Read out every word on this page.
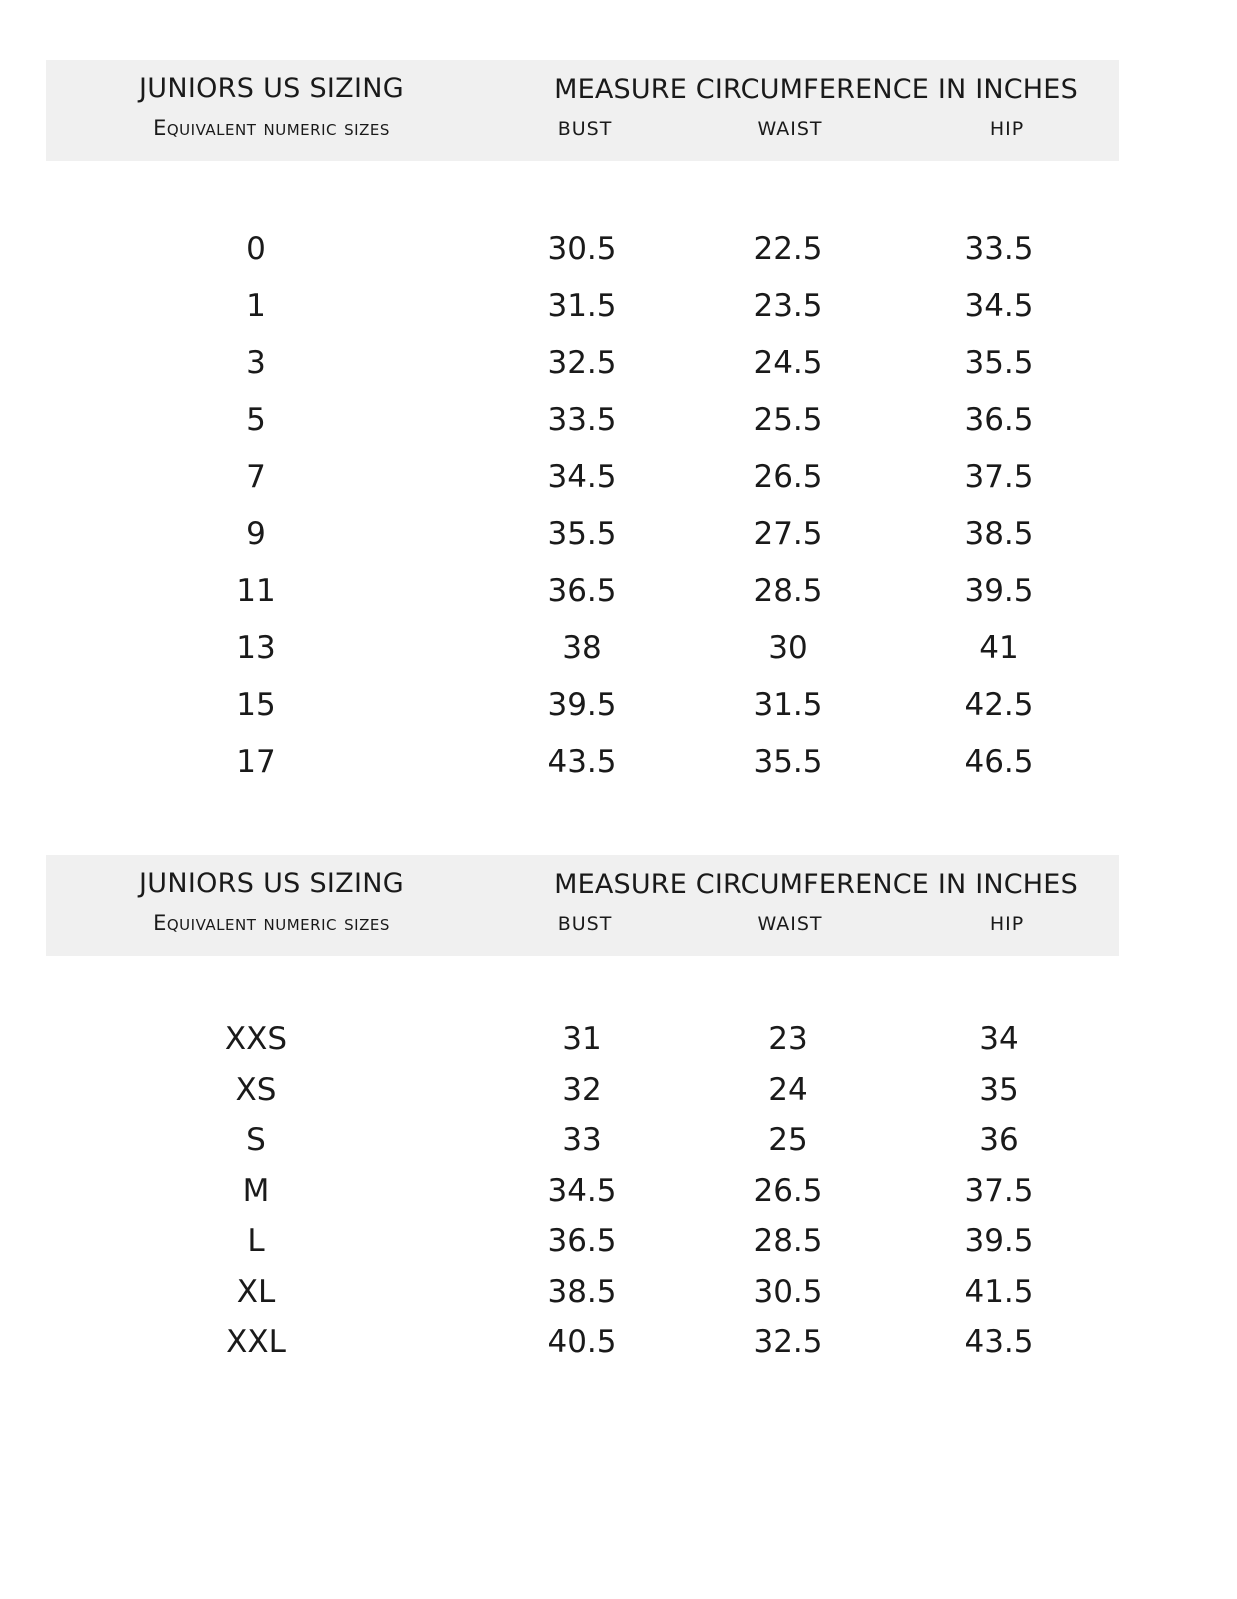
JUNIORS US SIZING
Equivalent numeric sizes
MEASURE CIRCUMFERENCE IN INCHES
BUST	WAIST	HIP
0	30.5	22.5	33.5
1	31.5	23.5	34.5
3	32.5	24.5	35.5
5	33.5	25.5	36.5
7	34.5	26.5	37.5
9	35.5	27.5	38.5
11	36.5	28.5	39.5
13	38	30	41
15	39.5	31.5	42.5
17	43.5	35.5	46.5
JUNIORS US SIZING
Equivalent numeric sizes
MEASURE CIRCUMFERENCE IN INCHES
BUST	WAIST	HIP
XXS	31	23	34
XS	32	24	35
S	33	25	36
M	34.5	26.5	37.5
L	36.5	28.5	39.5
XL	38.5	30.5	41.5
XXL	40.5	32.5	43.5
